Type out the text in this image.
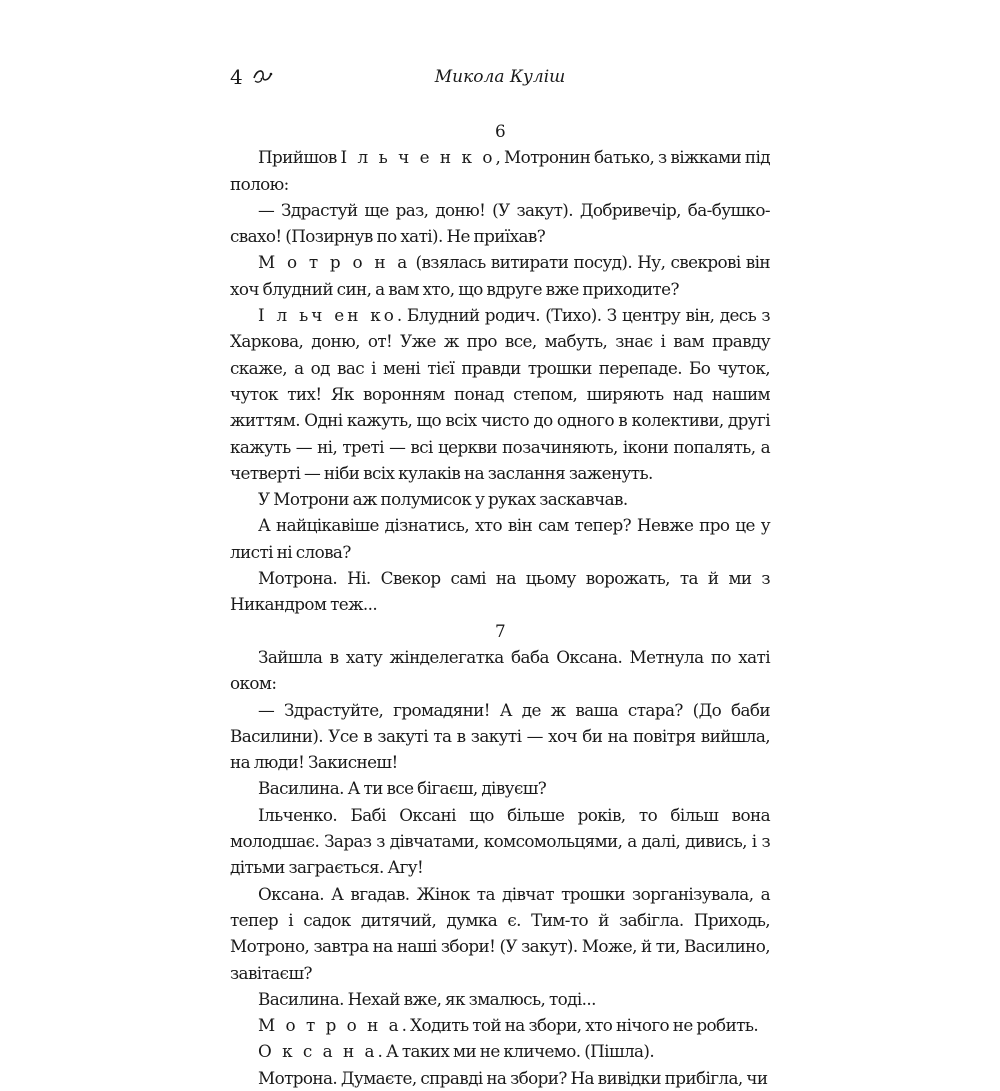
4	Микола Куліш

6

Прийшов І л ь ч е н к о, Мотронин батько, з віжками під полою:

— Здрастуй ще раз, доню! (У закут). Добривечір, ба-бушко-свахо! (Позирнув по хаті). Не приїхав?

М о т р о н а (взялась витирати посуд). Ну, свекрові він хоч блудний син, а вам хто, що вдруге вже приходите?

І л ьч ен ко. Блудний родич. (Тихо). З центру він, десь з Харкова, доню, от! Уже ж про все, мабуть, знає і вам правду скаже, а од вас і мені тієї правди трошки перепаде. Бо чуток, чуток тих! Як воронням понад степом, ширяють над нашим життям. Одні кажуть, що всіх чисто до одного в колективи, другі кажуть — ні, треті — всі церкви позачиняють, ікони попалять, а четверті — ніби всіх кулаків на заслання заженуть.

У Мотрони аж полумисок у руках заскавчав.

А найцікавіше дізнатись, хто він сам тепер? Невже про це у листі ні слова?

Мотрона. Ні. Свекор самі на цьому ворожать, та й ми з Никандром теж...

7

Зайшла в хату жінделегатка баба Оксана. Метнула по хаті оком:

— Здрастуйте, громадяни! А де ж ваша стара? (До баби Василини). Усе в закуті та в закуті — хоч би на повітря вийшла, на люди! Закиснеш!

Василина. А ти все бігаєш, дівуєш?

Ільченко. Бабі Оксані що більше років, то більш вона молодшає. Зараз з дівчатами, комсомольцями, а далі, дивись, і з дітьми заграється. Агу!

Оксана. А вгадав. Жінок та дівчат трошки зорганізувала, а тепер і садок дитячий, думка є. Тим-то й забігла. Приходь, Мотроно, завтра на наші збори! (У закут). Може, й ти, Василино, завітаєш?

Василина. Нехай вже, як змалюсь, тоді...

М о т р о н а. Ходить той на збори, хто нічого не робить.

О к с а н а. А таких ми не кличемо. (Пішла).

Мотрона. Думаєте, справді на збори? На вивідки прибігла, чи
